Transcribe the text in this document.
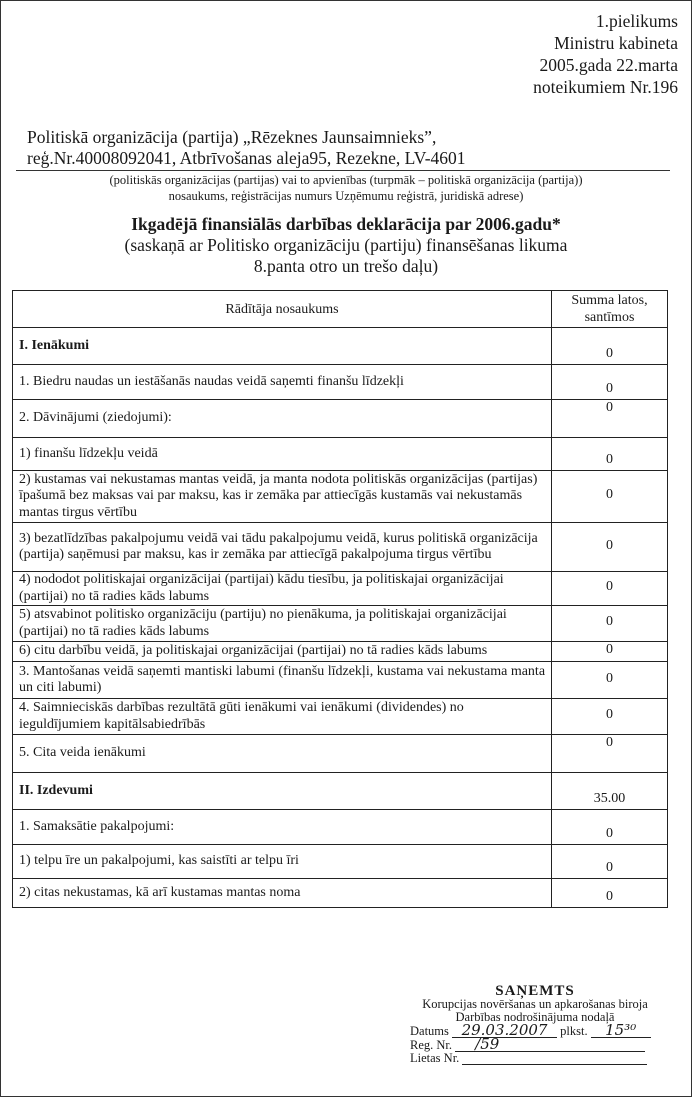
1.pielikums
Ministru kabineta
2005.gada 22.marta
noteikumiem Nr.196
Politiskā organizācija (partija) „Rēzeknes Jaunsaimnieks”,
reģ.Nr.40008092041, Atbrīvošanas aleja95, Rezekne, LV-4601
(politiskās organizācijas (partijas) vai to apvienības (turpmāk – politiskā organizācija (partija))
nosaukums, reģistrācijas numurs Uzņēmumu reģistrā, juridiskā adrese)
Ikgadējā finansiālās darbības deklarācija par 2006.gadu*
(saskaņā ar Politisko organizāciju (partiju) finansēšanas likuma
8.panta otro un trešo daļu)
Rādītāja nosaukums	Summa latos, santīmos
I. Ienākumi	0
1. Biedru naudas un iestāšanās naudas veidā saņemti finanšu līdzekļi	0
2. Dāvinājumi (ziedojumi):	0
1) finanšu līdzekļu veidā	0
2) kustamas vai nekustamas mantas veidā, ja manta nodota politiskās organizācijas (partijas) īpašumā bez maksas vai par maksu, kas ir zemāka par attiecīgās kustamās vai nekustamās mantas tirgus vērtību	0
3) bezatlīdzības pakalpojumu veidā vai tādu pakalpojumu veidā, kurus politiskā organizācija (partija) saņēmusi par maksu, kas ir zemāka par attiecīgā pakalpojuma tirgus vērtību	0
4) nododot politiskajai organizācijai (partijai) kādu tiesību, ja politiskajai organizācijai (partijai) no tā radies kāds labums	0
5) atsvabinot politisko organizāciju (partiju) no pienākuma, ja politiskajai organizācijai (partijai) no tā radies kāds labums	0
6) citu darbību veidā, ja politiskajai organizācijai (partijai) no tā radies kāds labums	0
3. Mantošanas veidā saņemti mantiski labumi (finanšu līdzekļi, kustama vai nekustama manta un citi labumi)	0
4. Saimnieciskās darbības rezultātā gūti ienākumi vai ienākumi (dividendes) no ieguldījumiem kapitālsabiedrībās	0
5. Cita veida ienākumi	0
II. Izdevumi	35.00
1. Samaksātie pakalpojumi:	0
1) telpu īre un pakalpojumi, kas saistīti ar telpu īri	0
2) citas nekustamas, kā arī kustamas mantas noma	0
SAŅEMTS
Korupcijas novēršanas un apkarošanas biroja
Darbības nodrošinājuma nodaļā
Datums 29.03.2007 plkst. 15³⁰
Reg. Nr. /59
Lietas Nr.
